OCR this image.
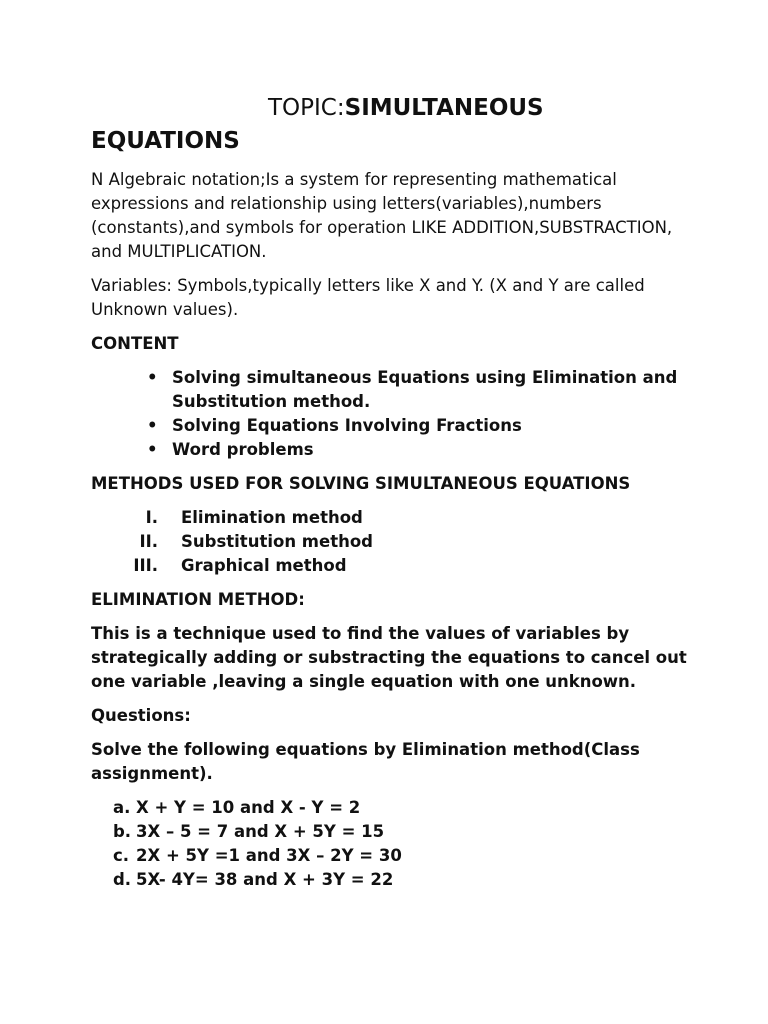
TOPIC:SIMULTANEOUS
EQUATIONS

N Algebraic notation;Is a system for representing mathematical expressions and relationship using letters(variables),numbers (constants),and symbols for operation LIKE ADDITION,SUBSTRACTION, and MULTIPLICATION.

Variables: Symbols,typically letters like X and Y. (X and Y are called Unknown values).

CONTENT

• Solving simultaneous Equations using Elimination and Substitution method.
• Solving Equations Involving Fractions
• Word problems

METHODS USED FOR SOLVING SIMULTANEOUS EQUATIONS

I. Elimination method
II. Substitution method
III. Graphical method

ELIMINATION METHOD:

This is a technique used to find the values of variables by strategically adding or substracting the equations to cancel out one variable ,leaving a single equation with one unknown.

Questions:

Solve the following equations by Elimination method(Class assignment).

a. X + Y = 10 and X - Y = 2
b. 3X – 5 = 7 and X + 5Y = 15
c. 2X + 5Y =1 and 3X – 2Y = 30
d. 5X- 4Y= 38 and X + 3Y = 22
